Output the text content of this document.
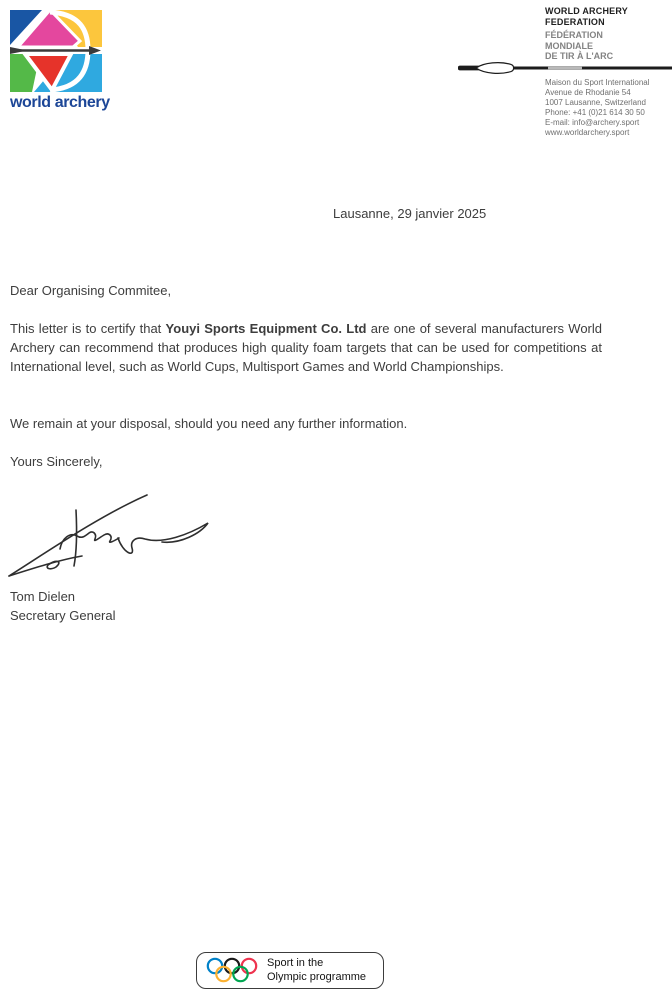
world archery
WORLD ARCHERY
FEDERATION
FÉDÉRATION
MONDIALE
DE TIR À L'ARC
Maison du Sport International
Avenue de Rhodanie 54
1007 Lausanne, Switzerland
Phone: +41 (0)21 614 30 50
E-mail: info@archery.sport
www.worldarchery.sport
Lausanne, 29 janvier 2025
Dear Organising Commitee,
This letter is to certify that Youyi Sports Equipment Co. Ltd are one of several manufacturers World Archery can recommend that produces high quality foam targets that can be used for competitions at International level, such as World Cups, Multisport Games and World Championships.
We remain at your disposal, should you need any further information.
Yours Sincerely,
Tom Dielen
Secretary General
Sport in the
Olympic programme
